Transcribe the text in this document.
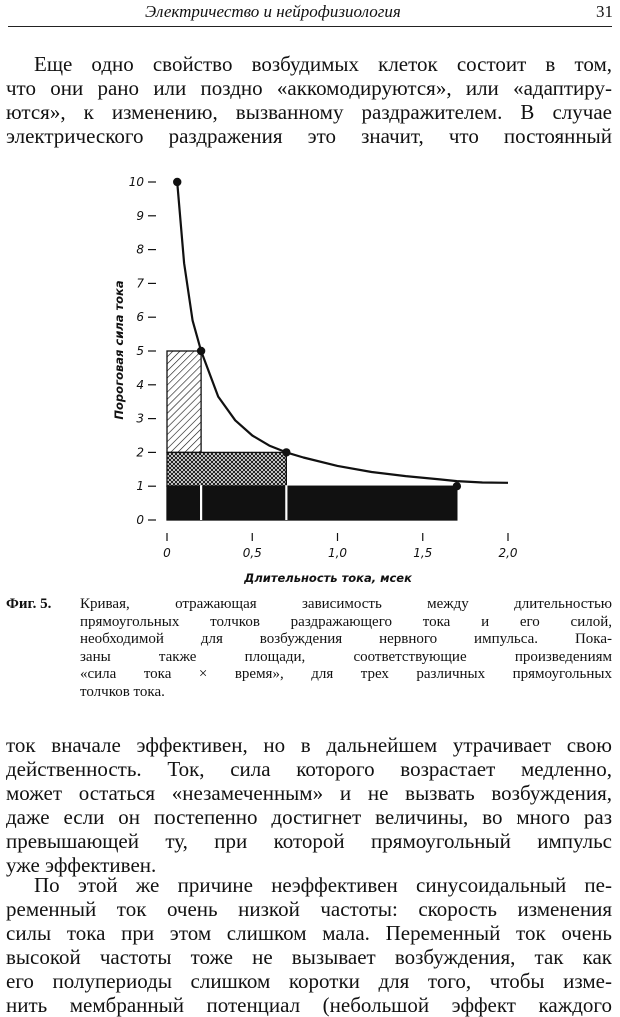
Электричество и нейрофизиология	31
Еще одно свойство возбудимых клеток состоит в том,
что они рано или поздно «аккомодируются», или «адаптиру-
ются», к изменению, вызванному раздражителем. В случае
электрического раздражения это значит, что постоянный
0
1
2
3
4
5
6
7
8
9
10
0	0,5	1,0	1,5	2,0
Длительность тока, мсек
Пороговая сила тока
Фиг. 5. Кривая, отражающая зависимость между длительностью
прямоугольных толчков раздражающего тока и его силой,
необходимой для возбуждения нервного импульса. Пока-
заны также площади, соответствующие произведениям
«сила тока × время», для трех различных прямоугольных
толчков тока.
ток вначале эффективен, но в дальнейшем утрачивает свою
действенность. Ток, сила которого возрастает медленно,
может остаться «незамеченным» и не вызвать возбуждения,
даже если он постепенно достигнет величины, во много раз
превышающей ту, при которой прямоугольный импульс
уже эффективен.
По этой же причине неэффективен синусоидальный пе-
ременный ток очень низкой частоты: скорость изменения
силы тока при этом слишком мала. Переменный ток очень
высокой частоты тоже не вызывает возбуждения, так как
его полупериоды слишком коротки для того, чтобы изме-
нить мембранный потенциал (небольшой эффект каждого
